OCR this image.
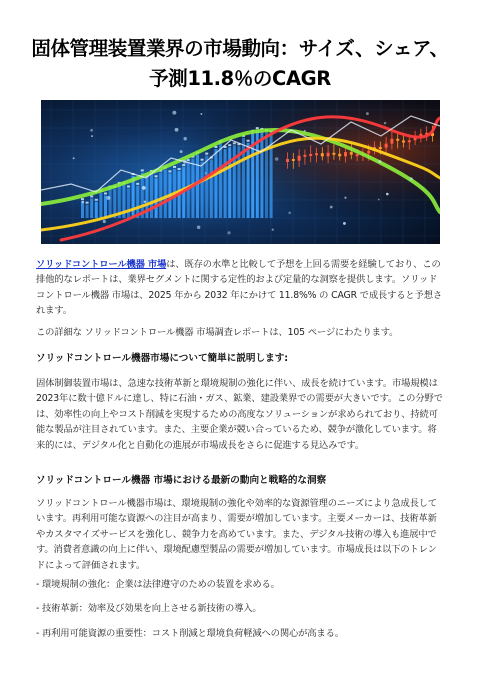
固体管理装置業界の市場動向：サイズ、シェア、予測11.8％のCAGR

ソリッドコントロール機器 市場は、既存の水準と比較して予想を上回る需要を経験しており、この排他的なレポートは、業界セグメントに関する定性的および定量的な洞察を提供します。ソリッドコントロール機器 市場は、2025 年から 2032 年にかけて 11.8%% の CAGR で成長すると予想されます。

この詳細な ソリッドコントロール機器 市場調査レポートは、105 ページにわたります。

ソリッドコントロール機器市場について簡単に説明します:

固体制御装置市場は、急速な技術革新と環境規制の強化に伴い、成長を続けています。市場規模は2023年に数十億ドルに達し、特に石油・ガス、鉱業、建設業界での需要が大きいです。この分野では、効率性の向上やコスト削減を実現するための高度なソリューションが求められており、持続可能な製品が注目されています。また、主要企業が競い合っているため、競争が激化しています。将来的には、デジタル化と自動化の進展が市場成長をさらに促進する見込みです。

ソリッドコントロール機器 市場における最新の動向と戦略的な洞察

ソリッドコントロール機器市場は、環境規制の強化や効率的な資源管理のニーズにより急成長しています。再利用可能な資源への注目が高まり、需要が増加しています。主要メーカーは、技術革新やカスタマイズサービスを強化し、競争力を高めています。また、デジタル技術の導入も進展中です。消費者意識の向上に伴い、環境配慮型製品の需要が増加しています。市場成長は以下のトレンドによって評価されます。

- 環境規制の強化：企業は法律遵守のための装置を求める。

- 技術革新：効率及び効果を向上させる新技術の導入。

- 再利用可能資源の重要性：コスト削減と環境負荷軽減への関心が高まる。
